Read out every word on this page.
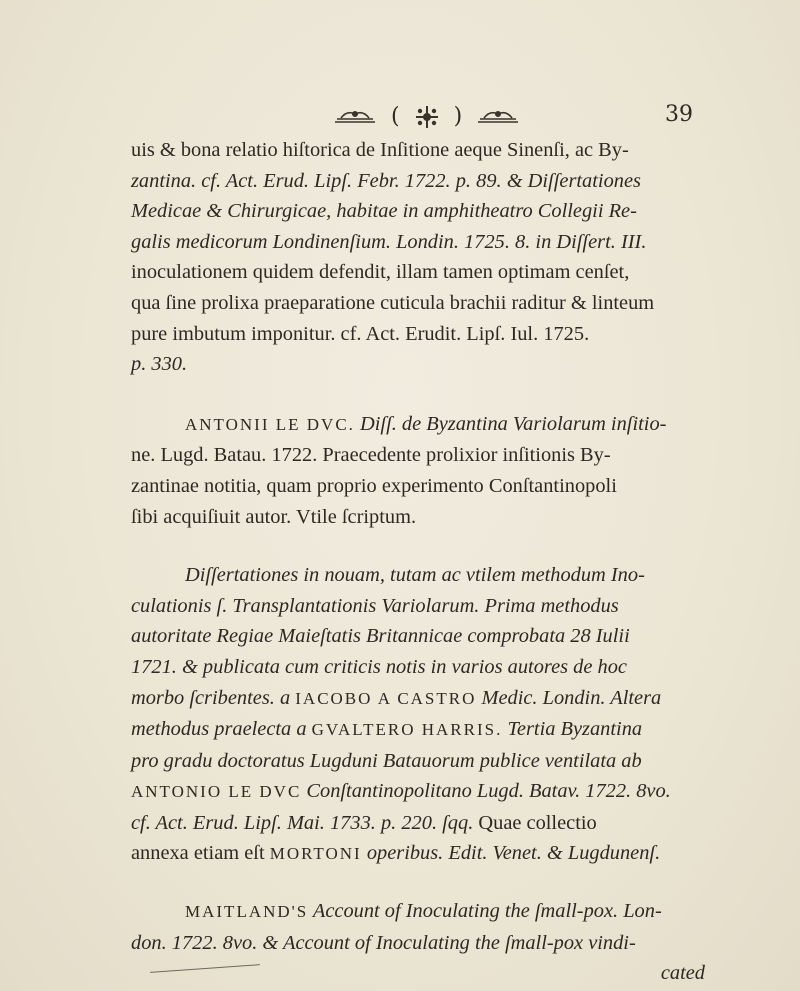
( )	39

uis & bona relatio hiſtorica de Inſitione aeque Sinenſi, ac By-

zantina. cf. Act. Erud. Lipſ. Febr. 1722. p. 89. & Diſſertationes

Medicae & Chirurgicae, habitae in amphitheatro Collegii Re-

galis medicorum Londinenſium. Londin. 1725. 8. in Diſſert. III.

inoculationem quidem defendit, illam tamen optimam cenſet,

qua ſine prolixa praeparatione cuticula brachii raditur & linteum

pure imbutum imponitur. cf. Act. Erudit. Lipſ. Iul. 1725.

p. 330.

ANTONII LE DVC. Diſſ. de Byzantina Variolarum inſitio-

ne. Lugd. Batau. 1722. Praecedente prolixior inſitionis By-

zantinae notitia, quam proprio experimento Conſtantinopoli

ſibi acquiſiuit autor. Vtile ſcriptum.

Diſſertationes in nouam, tutam ac vtilem methodum Ino-

culationis ſ. Transplantationis Variolarum. Prima methodus

autoritate Regiae Maieſtatis Britannicae comprobata 28 Iulii

1721. & publicata cum criticis notis in varios autores de hoc

morbo ſcribentes. a IACOBO A CASTRO Medic. Londin. Altera

methodus praelecta a GVALTERO HARRIS. Tertia Byzantina

pro gradu doctoratus Lugduni Batauorum publice ventilata ab

ANTONIO LE DVC Conſtantinopolitano Lugd. Batav. 1722. 8vo.

cf. Act. Erud. Lipſ. Mai. 1733. p. 220. ſqq. Quae collectio

annexa etiam eſt MORTONI operibus. Edit. Venet. & Lugdunenſ.

MAITLAND'S Account of Inoculating the ſmall-pox. Lon-

don. 1722. 8vo. & Account of Inoculating the ſmall-pox vindi-

cated
